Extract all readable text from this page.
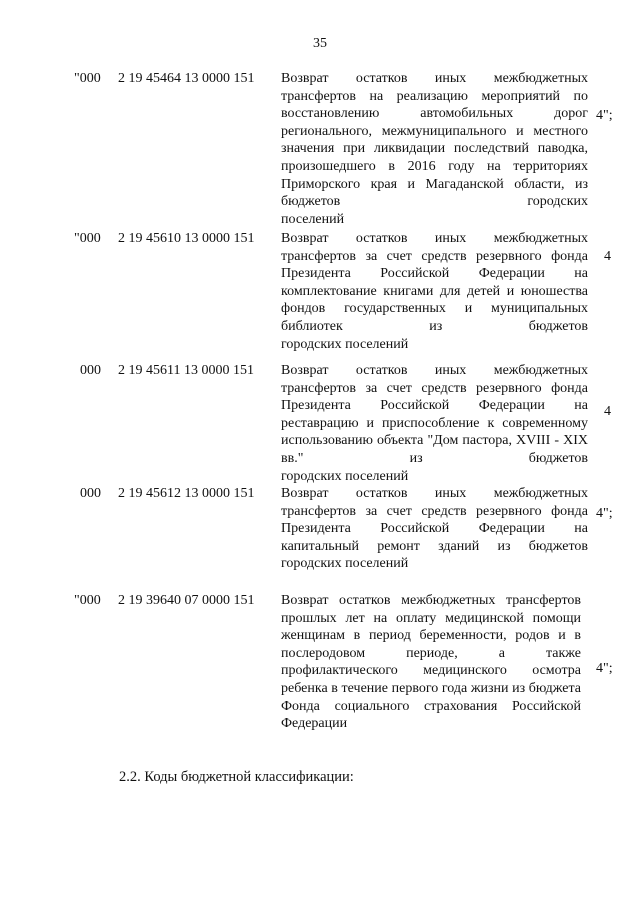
35
"000 2 19 45464 13 0000 151 Возврат остатков иных межбюджетных трансфертов на реализацию мероприятий по восстановлению автомобильных дорог регионального, межмуниципального и местного значения при ликвидации последствий паводка, произошедшего в 2016 году на территориях Приморского края и Магаданской области, из бюджетов городских
поселений
4";
"000 2 19 45610 13 0000 151 Возврат остатков иных межбюджетных трансфертов за счет средств резервного фонда Президента Российской Федерации на комплектование книгами для детей и юношества фондов государственных и муниципальных библиотек из бюджетов
городских поселений
4
000 2 19 45611 13 0000 151 Возврат остатков иных межбюджетных трансфертов за счет средств резервного фонда Президента Российской Федерации на реставрацию и приспособление к современному использованию объекта "Дом пастора, XVIII - XIX вв." из бюджетов
городских поселений
4
000 2 19 45612 13 0000 151 Возврат остатков иных межбюджетных трансфертов за счет средств резервного фонда Президента Российской Федерации на капитальный ремонт зданий из бюджетов
городских поселений
4";
"000 2 19 39640 07 0000 151 Возврат остатков межбюджетных трансфертов прошлых лет на оплату медицинской помощи женщинам в период беременности, родов и в послеродовом периоде, а также профилактического медицинского осмотра ребенка в течение первого года жизни из бюджета Фонда социального страхования Российской
Федерации
4";
2.2. Коды бюджетной классификации:
